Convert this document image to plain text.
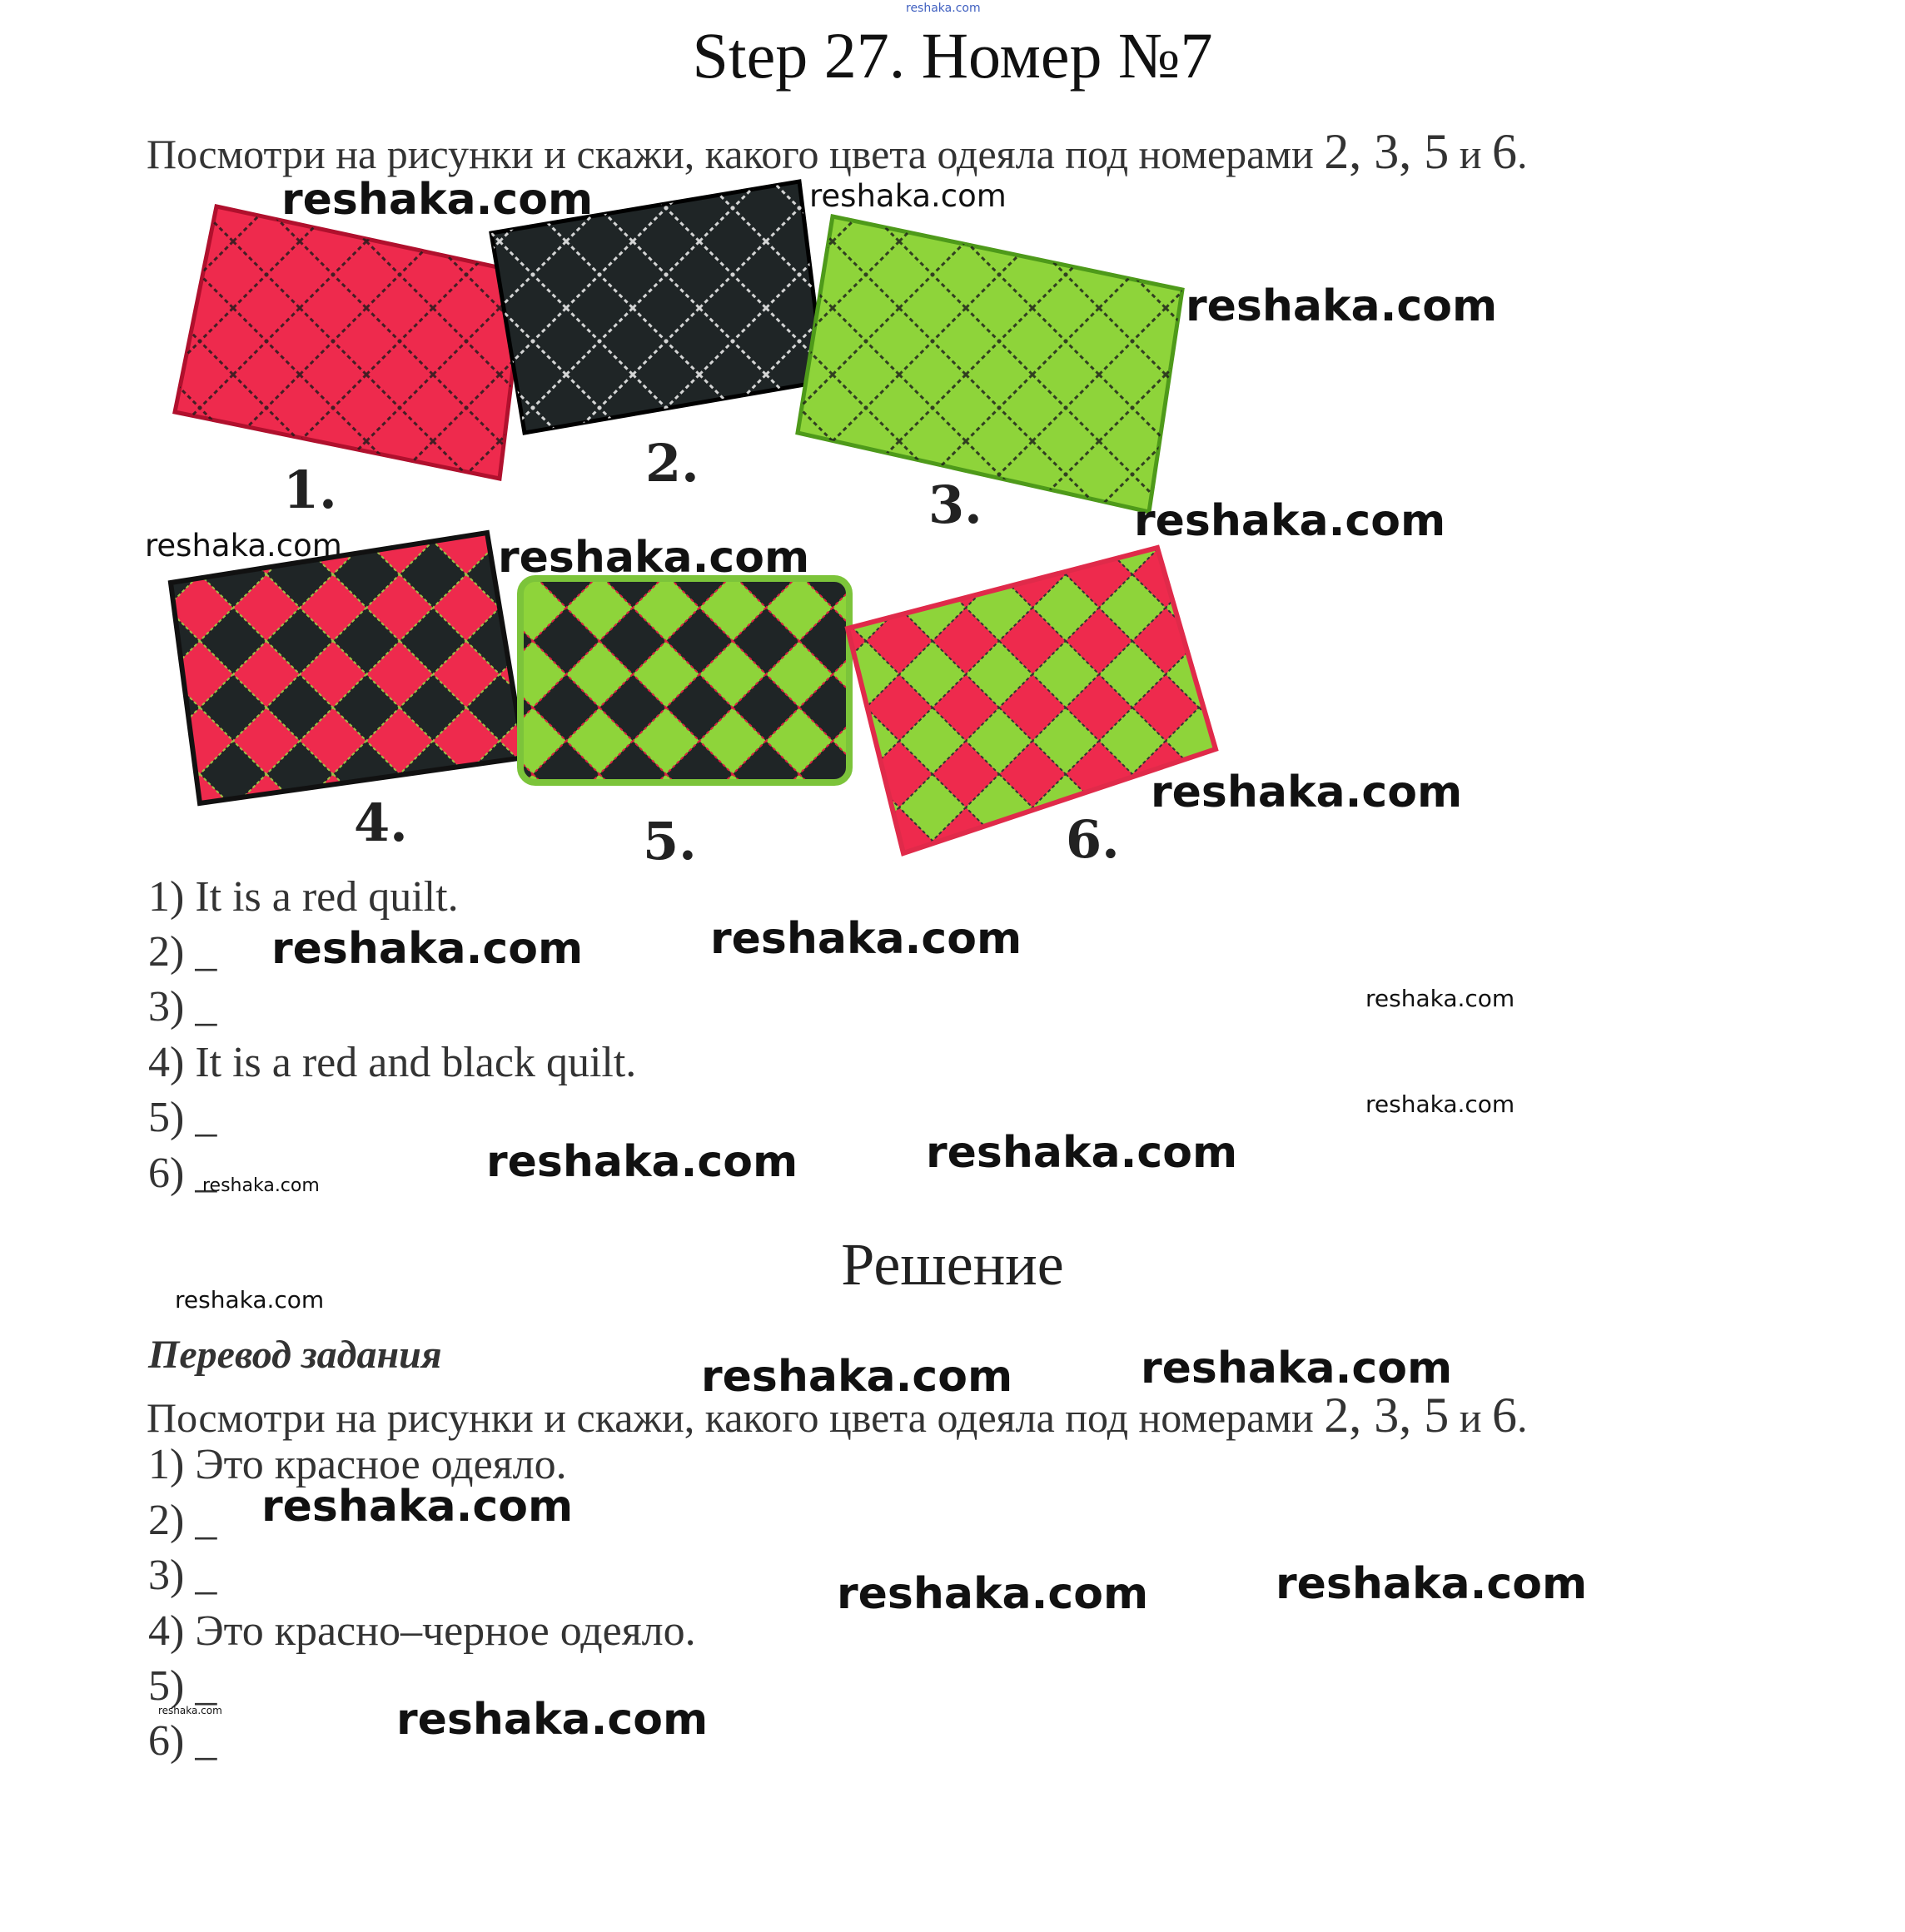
reshaka.com
Step 27. Номер №7
Посмотри на рисунки и скажи, какого цвета одеяла под номерами 2, 3, 5 и 6.
1.	2.
3.
4.	5.	6.
1) It is a red quilt.
2) _
3) _
4) It is a red and black quilt.
5) _
6) _
Решение
Перевод задания
Посмотри на рисунки и скажи, какого цвета одеяла под номерами 2, 3, 5 и 6.
1) Это красное одеяло.
2) _
3) _
4) Это красно–черное одеяло.
5) _
6) _
reshaka.com	reshaka.com
reshaka.com
reshaka.com
reshaka.com	reshaka.com
reshaka.com
reshaka.com	reshaka.com
reshaka.com
reshaka.com
reshaka.com	reshaka.com
reshaka.com
reshaka.com
reshaka.com	reshaka.com
reshaka.com
reshaka.com	reshaka.com
reshaka.com	reshaka.com
